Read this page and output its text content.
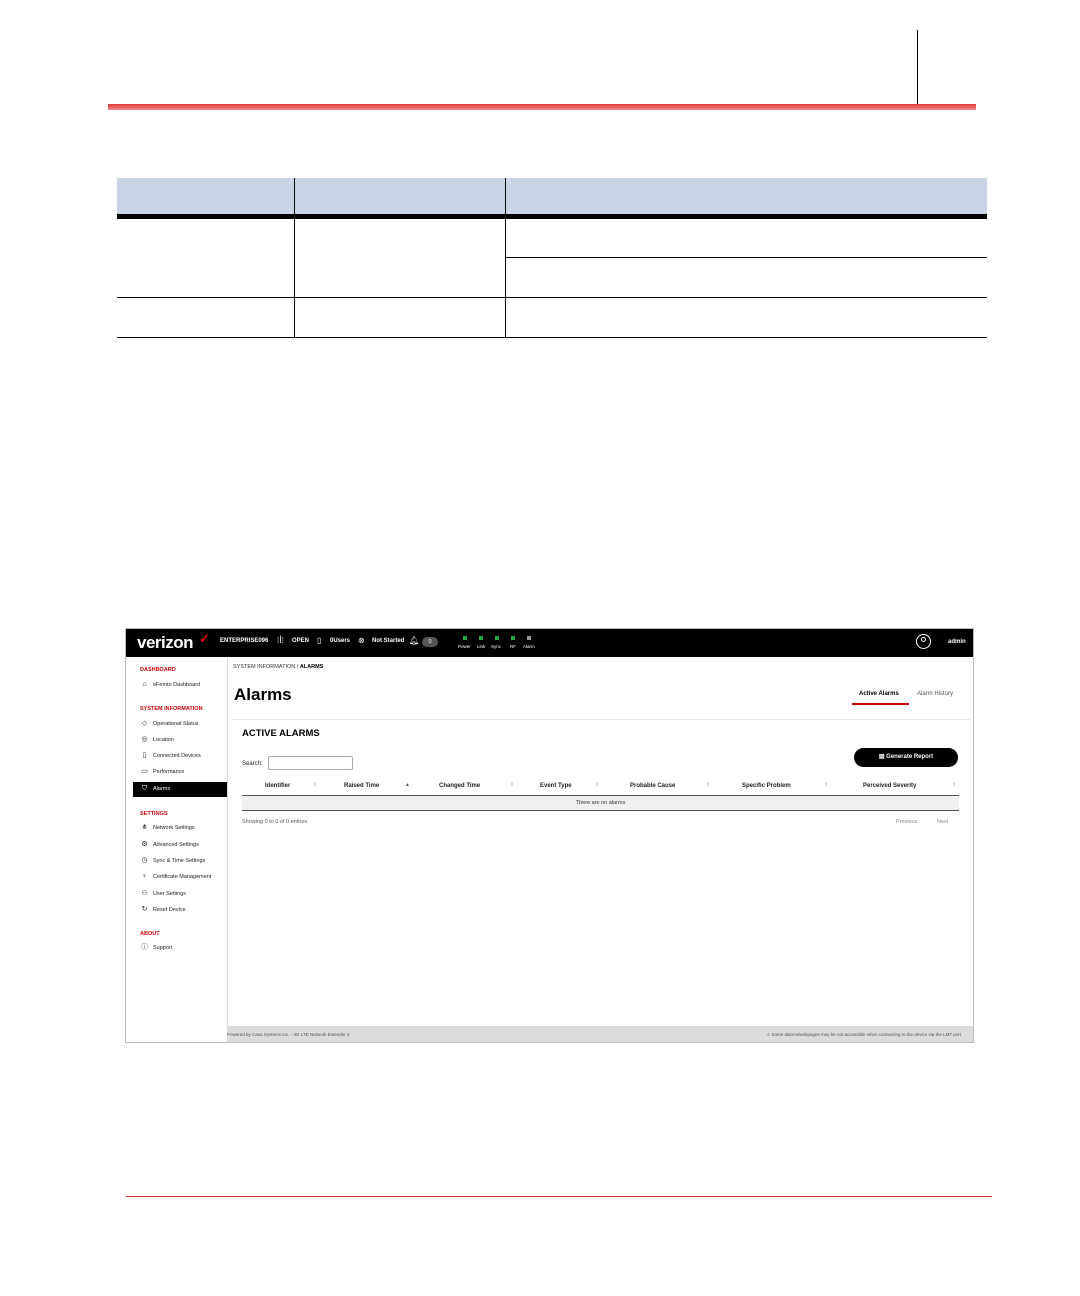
verizon ✓ ENTERPRISE096 ⁞ꟾ⁞ OPEN ▯ 0Users ⊗ Not Started 🔔︎	0
Power Link Sync RF Alarm
admin
DASHBOARD
⌂	eFemto Dashboard
SYSTEM INFORMATION
◇	Operational Status
◎ Location
▯	Connected Devices
▭ Performance
⛉	Alarms
SETTINGS
⋔ Network Settings
⚙ Advanced Settings
◷ Sync & Time Settings
♀	Certificate Management
⚇ User Settings
↻ Reset Device
ABOUT
ⓘ Support
SYSTEM INFORMATION / ALARMS
Alarms	Active Alarms	Alarm History
ACTIVE ALARMS
▤ Generate Report
Search:
Identifier	⇕	Raised Time	▲	Changed Time	⇕	Event Type	⇕	Probable Cause	⇕	Specific Problem	⇕	Perceived Severity	⇕
There are no alarms
Showing 0 to 0 of 0 entries	Previous	Next
Powered by Casa Systems Inc. - 4G LTE Network Extender 3	⚠ Some alarms/webpages may be not accessible when connecting to the device via the LMT port
